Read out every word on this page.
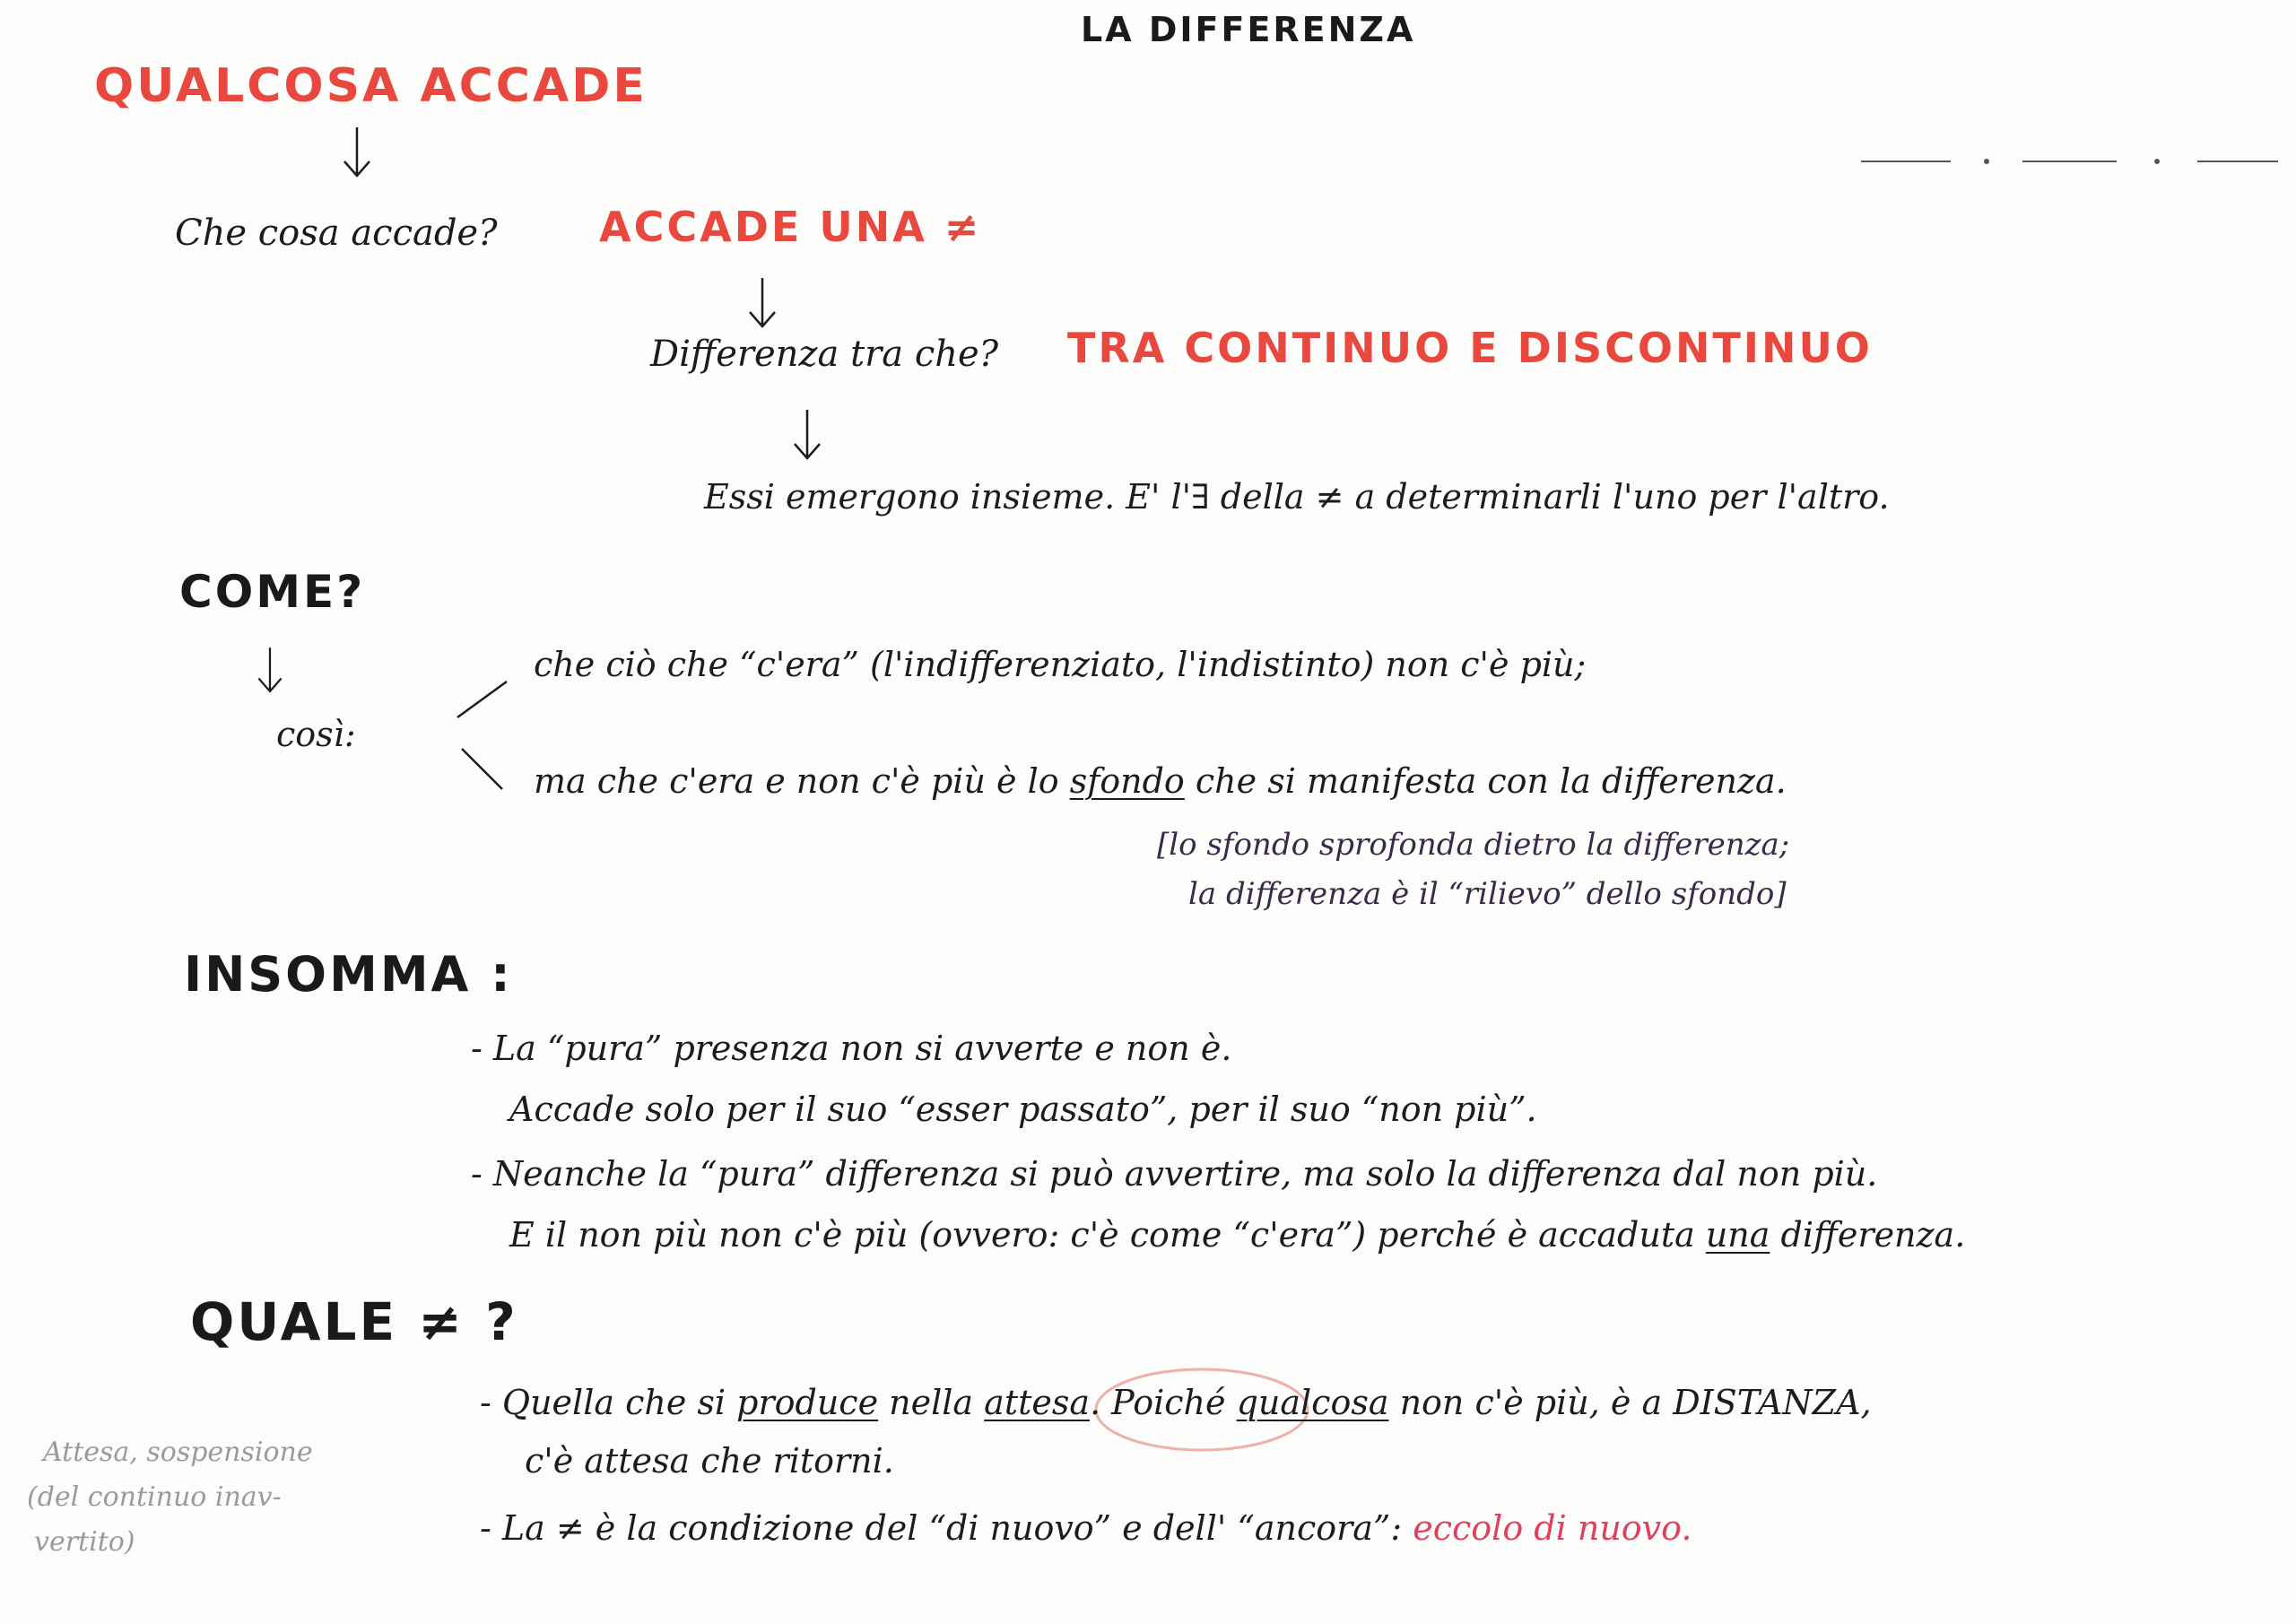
LA DIFFERENZA
QUALCOSA ACCADE
Che cosa accade? ACCADE UNA ≠
Differenza tra che? TRA CONTINUO E DISCONTINUO
Essi emergono insieme. E' l'∃ della ≠ a determinarli l'uno per l'altro.
COME?
così:
che ciò che “c'era” (l'indifferenziato, l'indistinto) non c'è più;
ma che c'era e non c'è più è lo sfondo che si manifesta con la differenza.
[lo sfondo sprofonda dietro la differenza;
la differenza è il “rilievo” dello sfondo]
INSOMMA :
- La “pura” presenza non si avverte e non è.
Accade solo per il suo “esser passato”, per il suo “non più”.
- Neanche la “pura” differenza si può avvertire, ma solo la differenza dal non più.
E il non più non c'è più (ovvero: c'è come “c'era”) perché è accaduta una differenza.
QUALE ≠ ?
- Quella che si produce nella attesa. Poiché qualcosa non c'è più, è a DISTANZA,
c'è attesa che ritorni.
- La ≠ è la condizione del “di nuovo” e dell' “ancora”: eccolo di nuovo.
Attesa, sospensione
(del continuo inav-
vertito)
